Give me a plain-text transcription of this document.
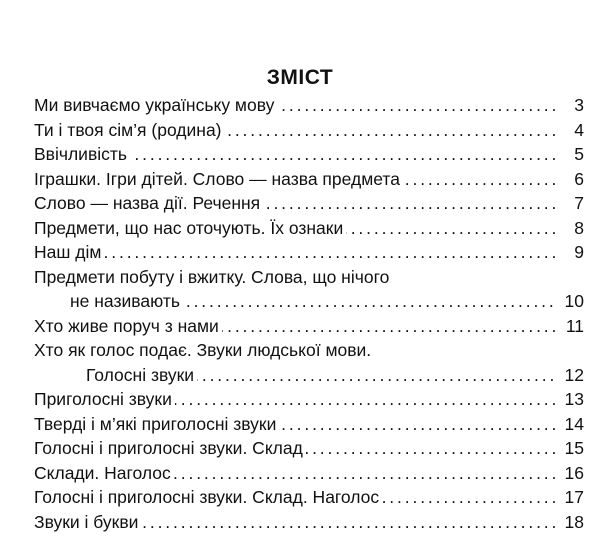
ЗМІСТ
. . . Ми вивчаємо українську мову	3
. . . Ти і твоя сім’я (родина)	4
. . . Ввічливість	5
. . . Іграшки. Ігри дітей. Слово — назва предмета	6
. . . Слово — назва дії. Речення	7
. . . Предмети, що нас оточують. Їх ознаки	8
. . . Наш дім	9
Предмети побуту і вжитку. Слова, що нічого
. . . не називають	10
. . . Хто живе поруч з нами	11
Хто як голос подає. Звуки людської мови.
. . . Голосні звуки	12
. . . Приголосні звуки	13
. . . Тверді і м’які приголосні звуки	14
. . . Голосні і приголосні звуки. Склад	15
. . . Склади. Наголос	16
. . . Голосні і приголосні звуки. Склад. Наголос	17
. . . Звуки і букви	18
